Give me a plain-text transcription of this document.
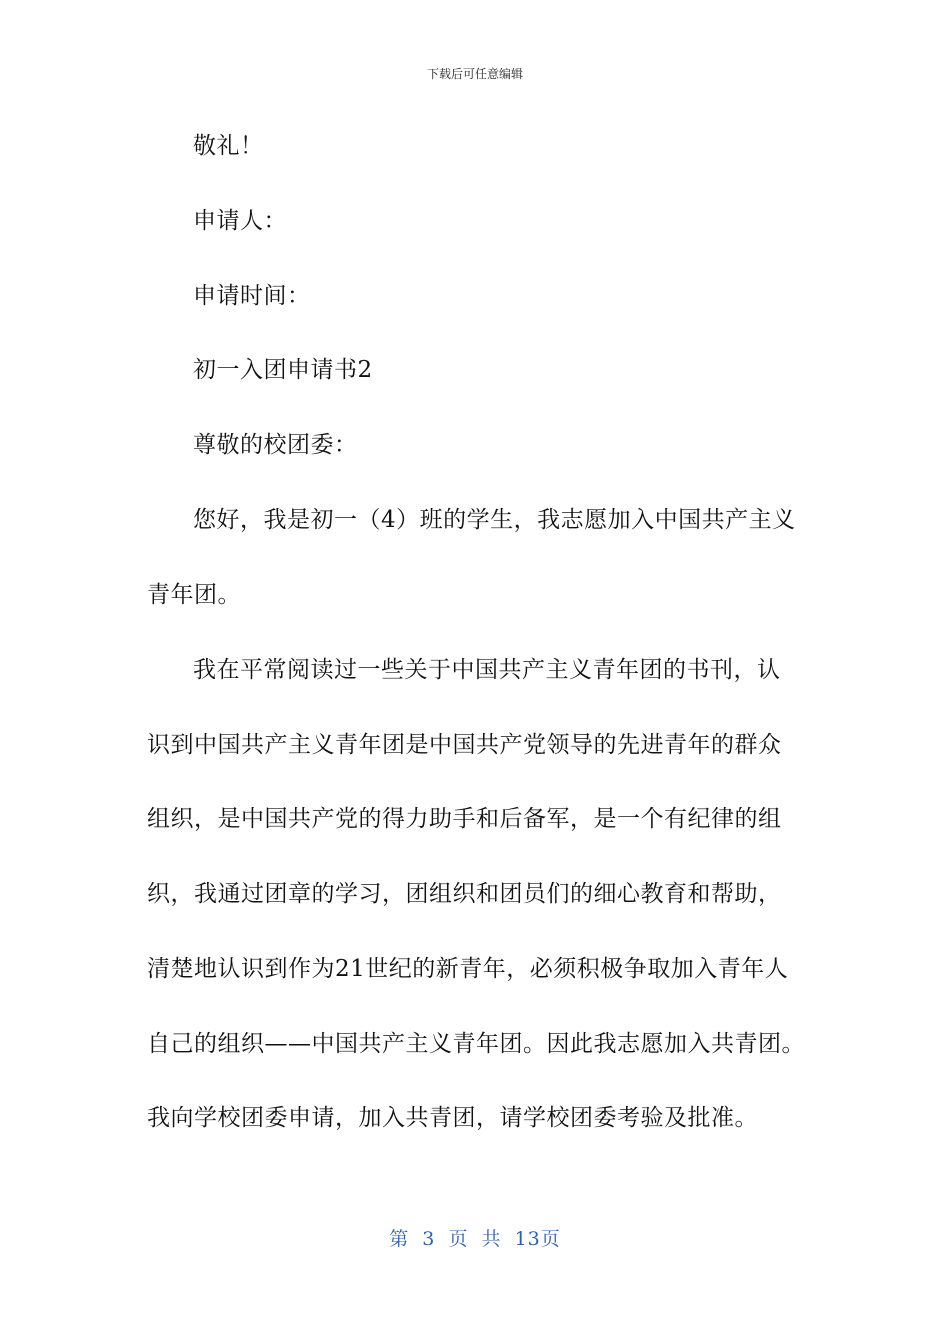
下载后可任意编辑
敬礼！
申请人：
申请时间：
初一入团申请书2
尊敬的校团委：
您好，我是初一（4）班的学生，我志愿加入中国共产主义
青年团。
我在平常阅读过一些关于中国共产主义青年团的书刊，认
识到中国共产主义青年团是中国共产党领导的先进青年的群众
组织，是中国共产党的得力助手和后备军，是一个有纪律的组
织，我通过团章的学习，团组织和团员们的细心教育和帮助，
清楚地认识到作为21世纪的新青年，必须积极争取加入青年人
自己的组织——中国共产主义青年团。因此我志愿加入共青团。
我向学校团委申请，加入共青团，请学校团委考验及批准。
第 3 页 共 13页
